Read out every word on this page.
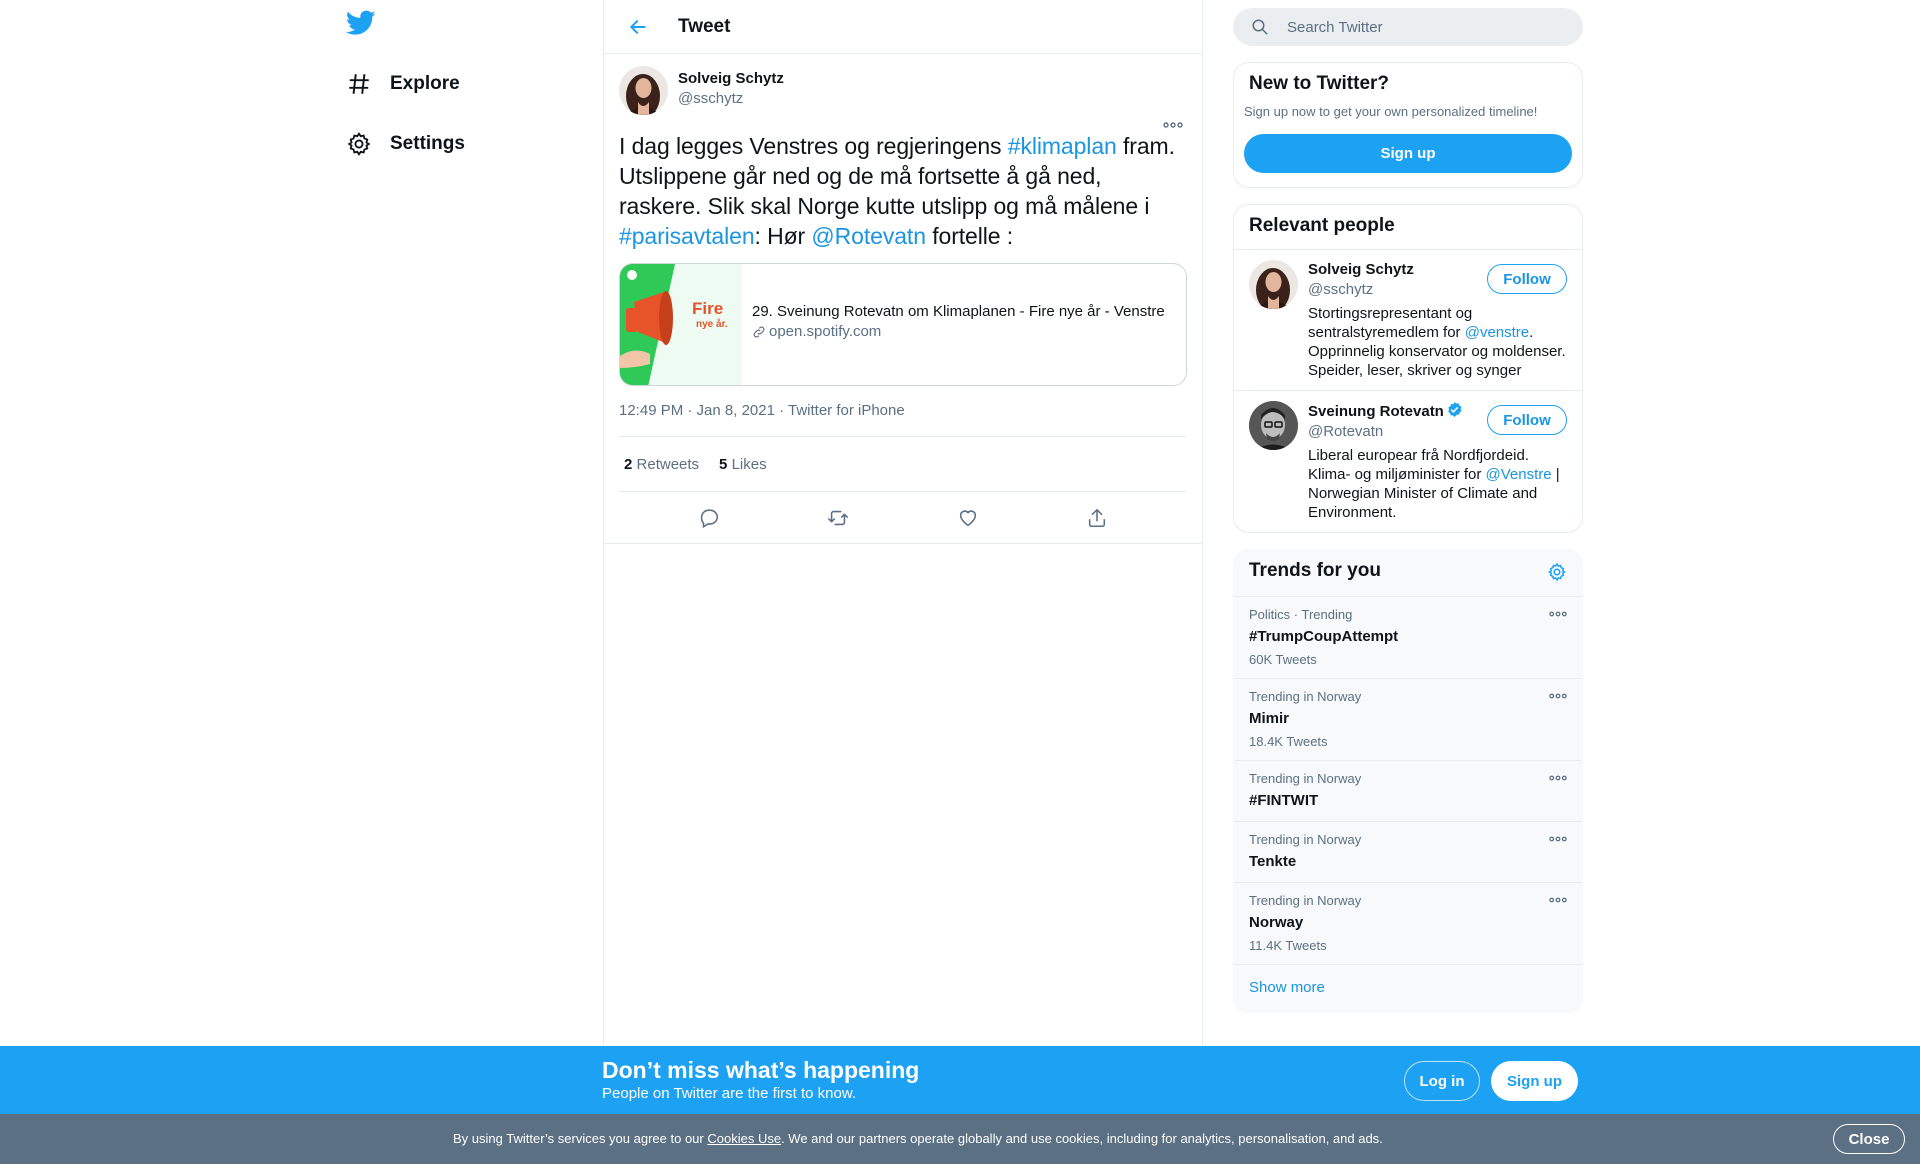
Explore
Settings
Tweet
Solveig Schytz
@sschytz
I dag legges Venstres og regjeringens #klimaplan fram. Utslippene går ned og de må fortsette å gå ned, raskere. Slik skal Norge kutte utslipp og må målene i #parisavtalen: Hør @Rotevatn fortelle :
Fire
nye år.
29. Sveinung Rotevatn om Klimaplanen - Fire nye år - Venstre
open.spotify.com
12:49 PM · Jan 8, 2021 · Twitter for iPhone
2 Retweets 5 Likes
Search Twitter
New to Twitter?

Sign up now to get your own personalized timeline!

Sign up
Relevant people
Solveig Schytz
@sschytz
Stortingsrepresentant og sentralstyremedlem for @venstre. Opprinnelig konservator og moldenser. Speider, leser, skriver og synger
Follow
Sveinung Rotevatn
@Rotevatn
Liberal europear frå Nordfjordeid. Klima- og miljøminister for @Venstre | Norwegian Minister of Climate and Environment.
Follow
Trends for you
Politics · Trending
#TrumpCoupAttempt
60K Tweets
Trending in Norway
Mimir
18.4K Tweets
Trending in Norway
#FINTWIT
Trending in Norway
Tenkte
Trending in Norway
Norway
11.4K Tweets
Show more
Don’t miss what’s happening
People on Twitter are the first to know.
Log in	Sign up
By using Twitter’s services you agree to our Cookies Use. We and our partners operate globally and use cookies, including for analytics, personalisation, and ads.	Close
